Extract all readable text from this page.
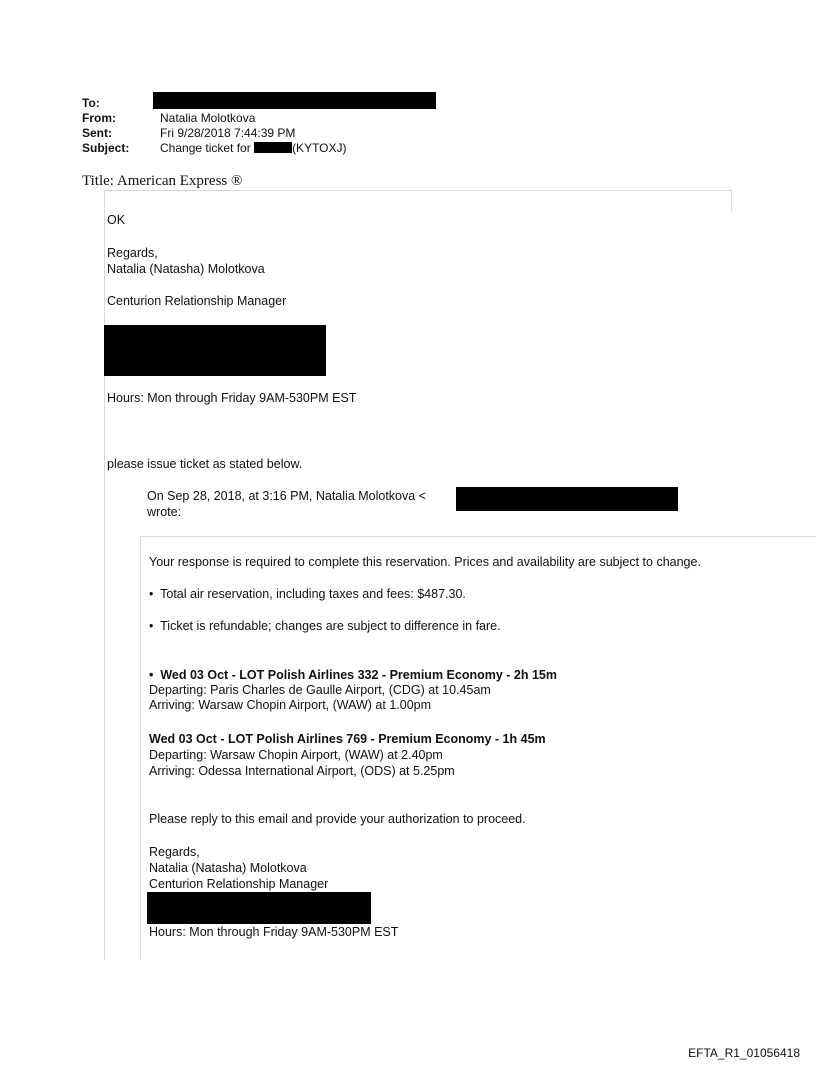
To:
From:	Natalia Molotkova
Sent:	Fri 9/28/2018 7:44:39 PM
Subject:	Change ticket for	(KYTOXJ)
Title: American Express ®
OK
Regards,
Natalia (Natasha) Molotkova
Centurion Relationship Manager
Hours: Mon through Friday 9AM-530PM EST
please issue ticket as stated below.
On Sep 28, 2018, at 3:16 PM, Natalia Molotkova <
wrote:
Your response is required to complete this reservation. Prices and availability are subject to change.
• Total air reservation, including taxes and fees: $487.30.
• Ticket is refundable; changes are subject to difference in fare.
• Wed 03 Oct - LOT Polish Airlines 332 - Premium Economy - 2h 15m
Departing: Paris Charles de Gaulle Airport, (CDG) at 10.45am
Arriving: Warsaw Chopin Airport, (WAW) at 1.00pm
Wed 03 Oct - LOT Polish Airlines 769 - Premium Economy - 1h 45m
Departing: Warsaw Chopin Airport, (WAW) at 2.40pm
Arriving: Odessa International Airport, (ODS) at 5.25pm
Please reply to this email and provide your authorization to proceed.
Regards,
Natalia (Natasha) Molotkova
Centurion Relationship Manager
Hours: Mon through Friday 9AM-530PM EST
EFTA_R1_01056418
